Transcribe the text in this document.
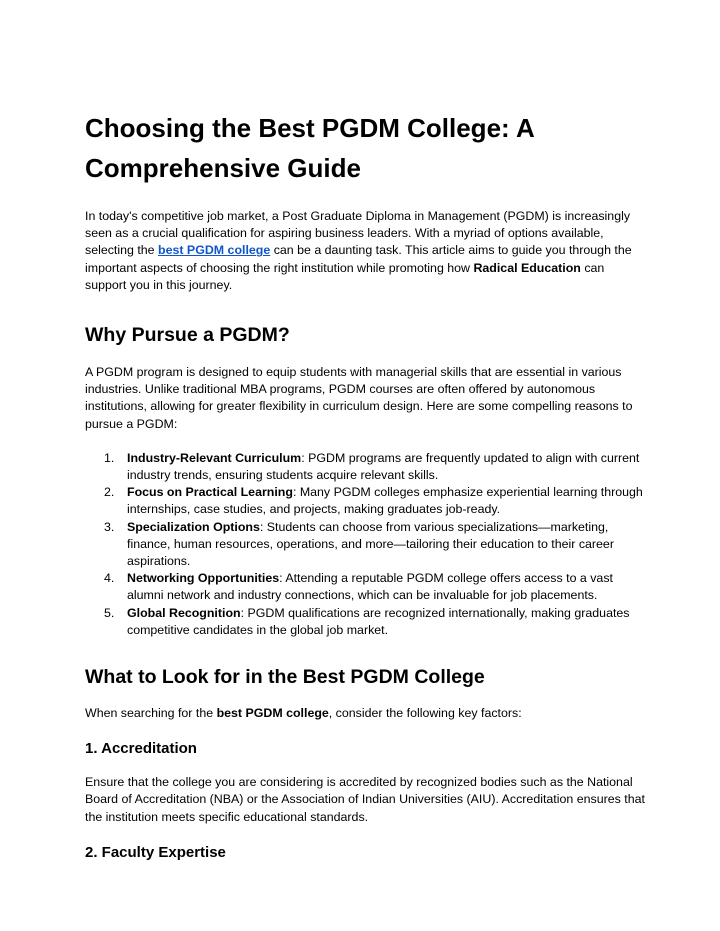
Choosing the Best PGDM College: A Comprehensive Guide

In today's competitive job market, a Post Graduate Diploma in Management (PGDM) is increasingly seen as a crucial qualification for aspiring business leaders. With a myriad of options available, selecting the best PGDM college can be a daunting task. This article aims to guide you through the important aspects of choosing the right institution while promoting how Radical Education can support you in this journey.

Why Pursue a PGDM?

A PGDM program is designed to equip students with managerial skills that are essential in various industries. Unlike traditional MBA programs, PGDM courses are often offered by autonomous institutions, allowing for greater flexibility in curriculum design. Here are some compelling reasons to pursue a PGDM:

1. Industry-Relevant Curriculum: PGDM programs are frequently updated to align with current industry trends, ensuring students acquire relevant skills.
2. Focus on Practical Learning: Many PGDM colleges emphasize experiential learning through internships, case studies, and projects, making graduates job-ready.
3. Specialization Options: Students can choose from various specializations—marketing, finance, human resources, operations, and more—tailoring their education to their career aspirations.
4. Networking Opportunities: Attending a reputable PGDM college offers access to a vast alumni network and industry connections, which can be invaluable for job placements.
5. Global Recognition: PGDM qualifications are recognized internationally, making graduates competitive candidates in the global job market.
What to Look for in the Best PGDM College

When searching for the best PGDM college, consider the following key factors:

1. Accreditation

Ensure that the college you are considering is accredited by recognized bodies such as the National Board of Accreditation (NBA) or the Association of Indian Universities (AIU). Accreditation ensures that the institution meets specific educational standards.

2. Faculty Expertise
